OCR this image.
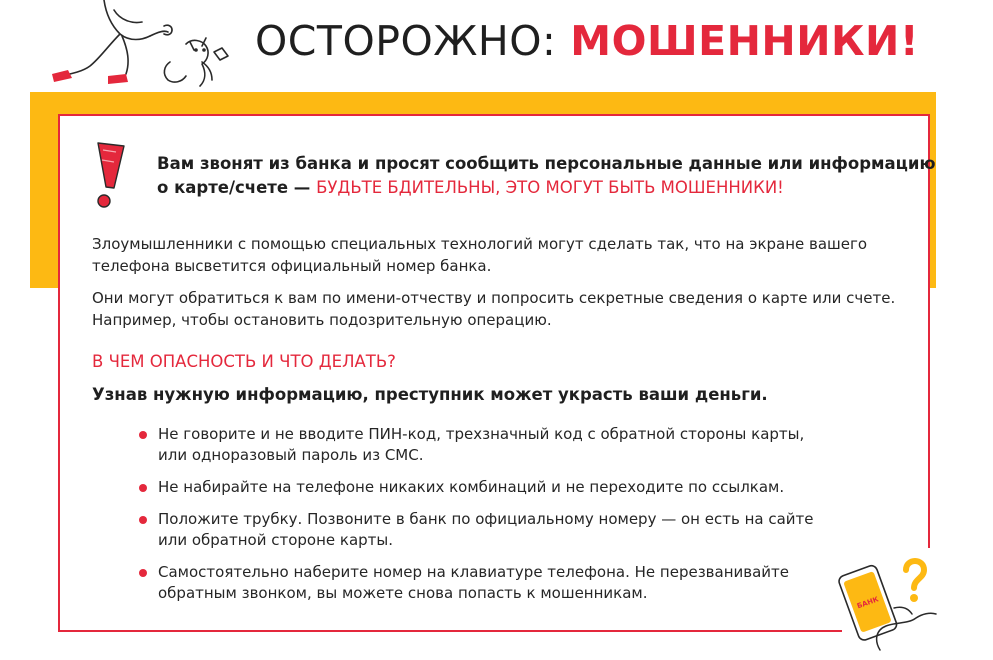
ОСТОРОЖНО: МОШЕННИКИ!

Вам звонят из банка и просят сообщить персональные данные или информацию о карте/счете — БУДЬТЕ БДИТЕЛЬНЫ, ЭТО МОГУТ БЫТЬ МОШЕННИКИ!

Злоумышленники с помощью специальных технологий могут сделать так, что на экране вашего телефона высветится официальный номер банка.

Они могут обратиться к вам по имени-отчеству и попросить секретные сведения о карте или счете. Например, чтобы остановить подозрительную операцию.

В ЧЕМ ОПАСНОСТЬ И ЧТО ДЕЛАТЬ?

Узнав нужную информацию, преступник может украсть ваши деньги.

Не говорите и не вводите ПИН-код, трехзначный код с обратной стороны карты, или одноразовый пароль из СМС.
Не набирайте на телефоне никаких комбинаций и не переходите по ссылкам.
Положите трубку. Позвоните в банк по официальному номеру — он есть на сайте или обратной стороне карты.
Самостоятельно наберите номер на клавиатуре телефона. Не перезванивайте обратным звонком, вы можете снова попасть к мошенникам.
БАНК
